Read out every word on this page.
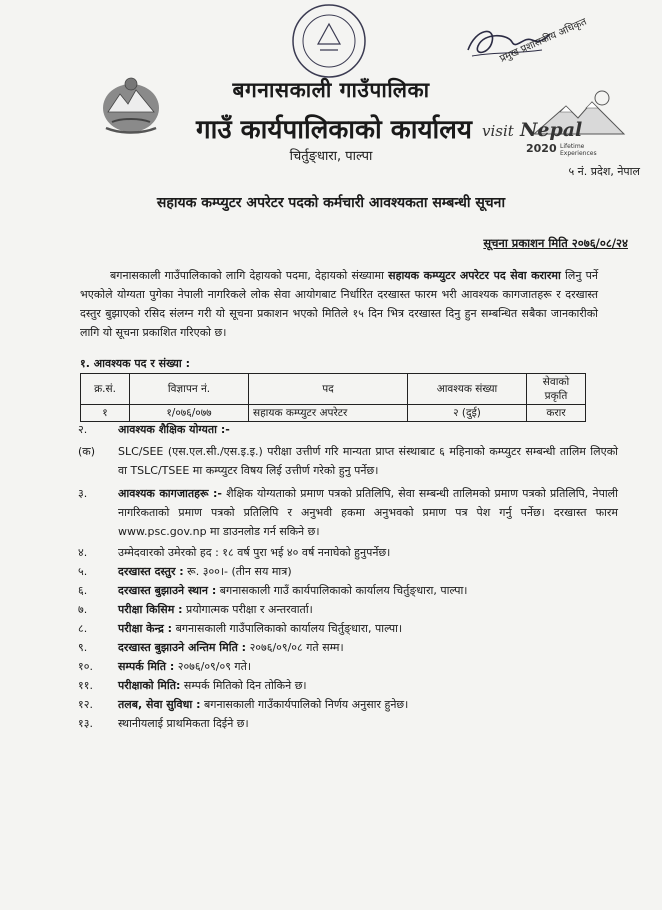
प्रमुख प्रशासकीय अधिकृत
visit Nepal
2020 Lifetime
Experiences
बगनासकाली गाउँपालिका
गाउँ कार्यपालिकाको कार्यालय
चिर्तुङ्धारा, पाल्पा
५ नं. प्रदेश, नेपाल
सहायक कम्प्युटर अपरेटर पदको कर्मचारी आवश्यकता सम्बन्धी सूचना
सूचना प्रकाशन मिति २०७६/०८/२४
बगनासकाली गाउँपालिकाको लागि देहायको पदमा, देहायको संख्यामा सहायक कम्प्युटर अपरेटर पद सेवा करारमा लिनु पर्ने भएकोले योग्यता पुगेका नेपाली नागरिकले लोक सेवा आयोगबाट निर्धारित दरखास्त फारम भरी आवश्यक कागजातहरू र दरखास्त दस्तुर बुझाएको रसिद संलग्न गरी यो सूचना प्रकाशन भएको मितिले १५ दिन भित्र दरखास्त दिनु हुन सम्बन्धित सबैका जानकारीको लागि यो सूचना प्रकाशित गरिएको छ।
१. आवश्यक पद र संख्या :
क्र.सं.	विज्ञापन नं.	पद	आवश्यक संख्या	सेवाको प्रकृति
१	१/०७६/०७७	सहायक कम्प्युटर अपरेटर	२ (दुई)	करार
२.	आवश्यक शैक्षिक योग्यता :-
(क)	SLC/SEE (एस.एल.सी./एस.इ.इ.) परीक्षा उत्तीर्ण गरि मान्यता प्राप्त संस्थाबाट ६ महिनाको कम्प्युटर सम्बन्धी तालिम लिएको वा TSLC/TSEE मा कम्प्युटर विषय लिई उत्तीर्ण गरेको हुनु पर्नेछ।
३.	आवश्यक कागजातहरू :- शैक्षिक योग्यताको प्रमाण पत्रको प्रतिलिपि, सेवा सम्बन्धी तालिमको प्रमाण पत्रको प्रतिलिपि, नेपाली नागरिकताको प्रमाण पत्रको प्रतिलिपि र अनुभवी हकमा अनुभवको प्रमाण पत्र पेश गर्नु पर्नेछ। दरखास्त फारम www.psc.gov.np मा डाउनलोड गर्न सकिने छ।
४.	उम्मेदवारको उमेरको हद : १८ वर्ष पुरा भई ४० वर्ष ननाघेको हुनुपर्नेछ।
५.	दरखास्त दस्तुर : रू. ३००।- (तीन सय मात्र)
६.	दरखास्त बुझाउने स्थान : बगनासकाली गाउँ कार्यपालिकाको कार्यालय चिर्तुङ्धारा, पाल्पा।
७.	परीक्षा किसिम : प्रयोगात्मक परीक्षा र अन्तरवार्ता।
८.	परीक्षा केन्द्र : बगनासकाली गाउँपालिकाको कार्यालय चिर्तुङ्धारा, पाल्पा।
९.	दरखास्त बुझाउने अन्तिम मिति : २०७६/०९/०८ गते सम्म।
१०.	सम्पर्क मिति : २०७६/०९/०९ गते।
११.	परीक्षाको मिति: सम्पर्क मितिको दिन तोकिने छ।
१२.	तलब, सेवा सुविधा : बगनासकाली गाउँकार्यपालिको निर्णय अनुसार हुनेछ।
१३.	स्थानीयलाई प्राथमिकता दिईने छ।
